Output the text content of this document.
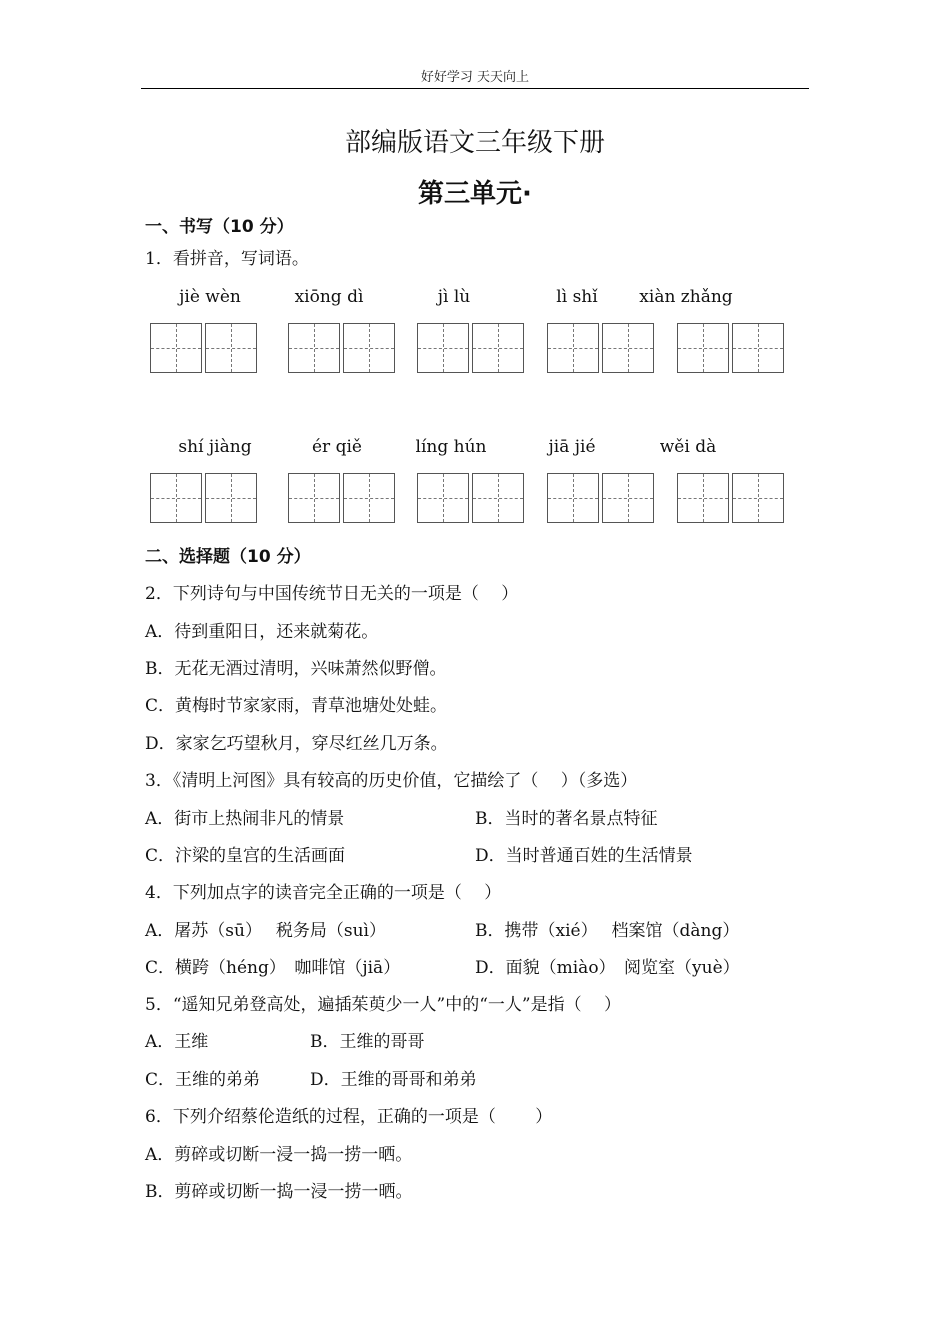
好好学习 天天向上
部编版语文三年级下册
第三单元·
一、书写（10 分）
1．看拼音，写词语。
jiè wèn	xiōng dì	jì lù	lì shǐ	xiàn zhǎng
shí jiàng	ér qiě	líng hún	jiā jié	wěi dà
二、选择题（10 分）
2．下列诗句与中国传统节日无关的一项是（　 ）
A．待到重阳日，还来就菊花。
B．无花无酒过清明，兴味萧然似野僧。
C．黄梅时节家家雨，青草池塘处处蛙。
D．家家乞巧望秋月，穿尽红丝几万条。
3．《清明上河图》具有较高的历史价值，它描绘了（　 ）（多选）
A．街市上热闹非凡的情景	B．当时的著名景点特征
C．汴梁的皇宫的生活画面	D．当时普通百姓的生活情景
4．下列加点字的读音完全正确的一项是（　 ）
A．屠苏（sū）　 税务局（suì）	B．携带（xié）　 档案馆（dàng）
C．横跨（héng）　咖啡馆（jiā）	D．面貌（miào）　阅览室（yuè）
5．“遥知兄弟登高处，遍插茱萸少一人”中的“一人”是指（　 ）
A．王维	B．王维的哥哥
C．王维的弟弟	D．王维的哥哥和弟弟
6．下列介绍蔡伦造纸的过程，正确的一项是（　 　）
A．剪碎或切断一浸一捣一捞一晒。
B．剪碎或切断一捣一浸一捞一晒。
